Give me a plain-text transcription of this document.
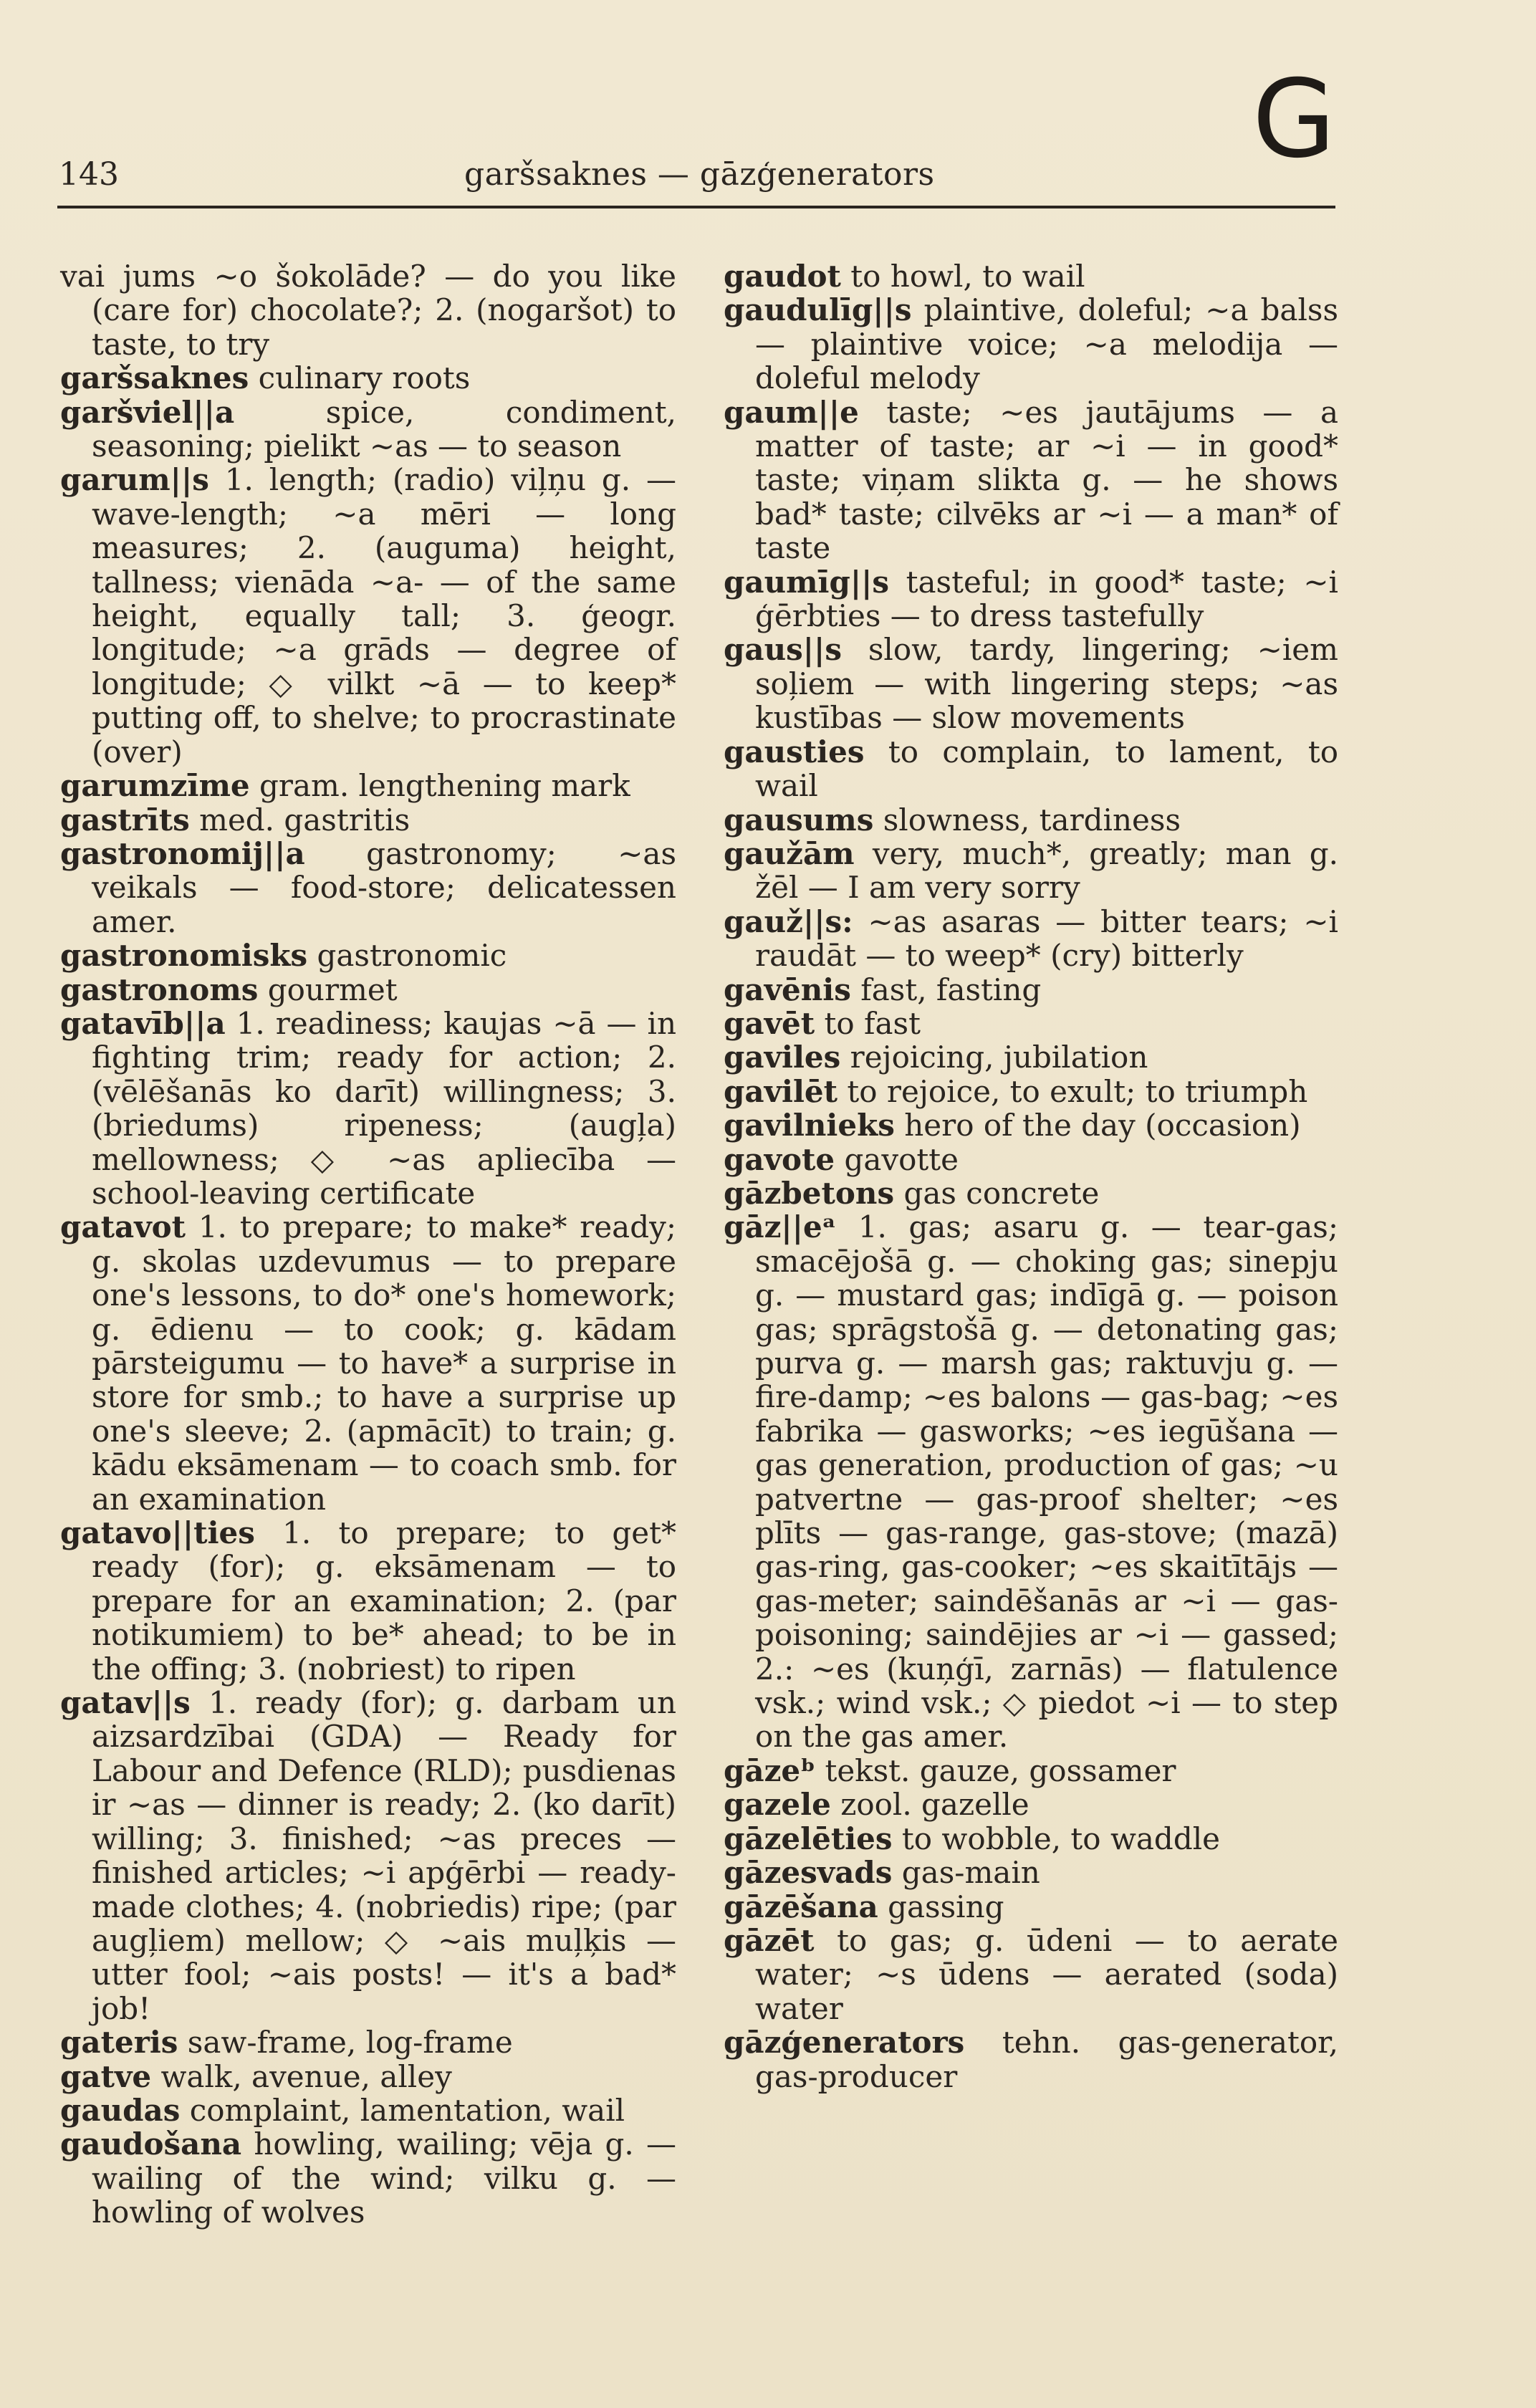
143	garšsaknes — gāzģenerators	G

vai jums ~o šokolāde? — do you like (care for) chocolate?; 2. (nogaršot) to taste, to try

garšsaknes culinary roots

garšviel||a spice, condiment, seasoning; pielikt ~as — to season

garum||s 1. length; (radio) viļņu g. — wave-length; ~a mēri — long measures; 2. (auguma) height, tallness; vienāda ~a- — of the same height, equally tall; 3. ģeogr. longitude; ~a grāds — degree of longitude; ◇ vilkt ~ā — to keep* putting off, to shelve; to procrastinate (over)

garumzīme gram. lengthening mark

gastrīts med. gastritis

gastronomij||a gastronomy; ~as veikals — food-store; delicatessen amer.

gastronomisks gastronomic

gastronoms gourmet

gatavīb||a 1. readiness; kaujas ~ā — in fighting trim; ready for action; 2. (vēlēšanās ko darīt) willingness; 3. (briedums) ripeness; (augļa) mellowness; ◇ ~as apliecība — school-leaving certificate

gatavot 1. to prepare; to make* ready; g. skolas uzdevumus — to prepare one's lessons, to do* one's homework; g. ēdienu — to cook; g. kādam pārsteigumu — to have* a surprise in store for smb.; to have a surprise up one's sleeve; 2. (apmācīt) to train; g. kādu eksāmenam — to coach smb. for an examination

gatavo||ties 1. to prepare; to get* ready (for); g. eksāmenam — to prepare for an examination; 2. (par notikumiem) to be* ahead; to be in the offing; 3. (nobriest) to ripen

gatav||s 1. ready (for); g. darbam un aizsardzībai (GDA) — Ready for Labour and Defence (RLD); pusdienas ir ~as — dinner is ready; 2. (ko darīt) willing; 3. finished; ~as preces — finished articles; ~i apģērbi — ready-made clothes; 4. (nobriedis) ripe; (par augļiem) mellow; ◇ ~ais muļķis — utter fool; ~ais posts! — it's a bad* job!

gateris saw-frame, log-frame

gatve walk, avenue, alley

gaudas complaint, lamentation, wail

gaudošana howling, wailing; vēja g. — wailing of the wind; vilku g. — howling of wolves

gaudot to howl, to wail

gaudulīg||s plaintive, doleful; ~a balss — plaintive voice; ~a melodija — doleful melody

gaum||e taste; ~es jautājums — a matter of taste; ar ~i — in good* taste; viņam slikta g. — he shows bad* taste; cilvēks ar ~i — a man* of taste

gaumīg||s tasteful; in good* taste; ~i ģērbties — to dress tastefully

gaus||s slow, tardy, lingering; ~iem soļiem — with lingering steps; ~as kustības — slow movements

gausties to complain, to lament, to wail

gausums slowness, tardiness

gaužām very, much*, greatly; man g. žēl — I am very sorry

gauž||s: ~as asaras — bitter tears; ~i raudāt — to weep* (cry) bitterly

gavēnis fast, fasting

gavēt to fast

gaviles rejoicing, jubilation

gavilēt to rejoice, to exult; to triumph

gavilnieks hero of the day (occasion)

gavote gavotte

gāzbetons gas concrete

gāz||eᵃ 1. gas; asaru g. — tear-gas; smacējošā g. — choking gas; sinepju g. — mustard gas; indīgā g. — poison gas; sprāgstošā g. — detonating gas; purva g. — marsh gas; raktuvju g. — fire-damp; ~es balons — gas-bag; ~es fabrika — gasworks; ~es iegūšana — gas generation, production of gas; ~u patvertne — gas-proof shelter; ~es plīts — gas-range, gas-stove; (mazā) gas-ring, gas-cooker; ~es skaitītājs — gas-meter; saindēšanās ar ~i — gas-poisoning; saindējies ar ~i — gassed; 2.: ~es (kuņģī, zarnās) — flatulence vsk.; wind vsk.; ◇ piedot ~i — to step on the gas amer.

gāzeᵇ tekst. gauze, gossamer

gazele zool. gazelle

gāzelēties to wobble, to waddle

gāzesvads gas-main

gāzēšana gassing

gāzēt to gas; g. ūdeni — to aerate water; ~s ūdens — aerated (soda) water

gāzģenerators tehn. gas-generator, gas-producer
